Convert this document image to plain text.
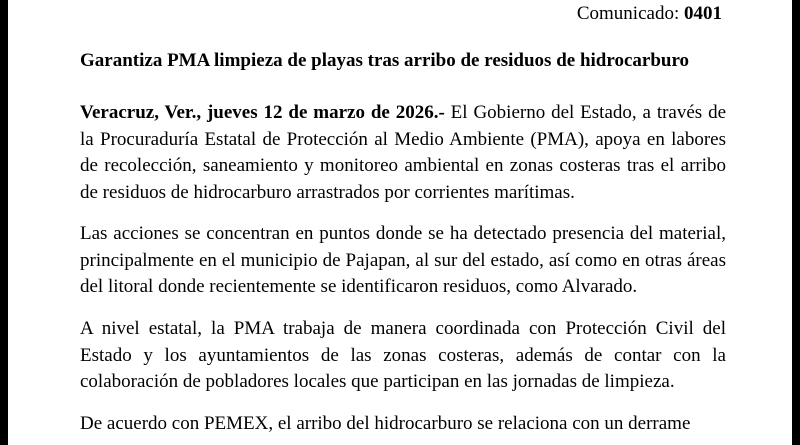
Comunicado: 0401
Garantiza PMA limpieza de playas tras arribo de residuos de hidrocarburo

Veracruz, Ver., jueves 12 de marzo de 2026.- El Gobierno del Estado, a través de la Procuraduría Estatal de Protección al Medio Ambiente (PMA), apoya en labores de recolección, saneamiento y monitoreo ambiental en zonas costeras tras el arribo de residuos de hidrocarburo arrastrados por corrientes marítimas.

Las acciones se concentran en puntos donde se ha detectado presencia del material, principalmente en el municipio de Pajapan, al sur del estado, así como en otras áreas del litoral donde recientemente se identificaron residuos, como Alvarado.

A nivel estatal, la PMA trabaja de manera coordinada con Protección Civil del Estado y los ayuntamientos de las zonas costeras, además de contar con la colaboración de pobladores locales que participan en las jornadas de limpieza.

De acuerdo con PEMEX, el arribo del hidrocarburo se relaciona con un derrame
